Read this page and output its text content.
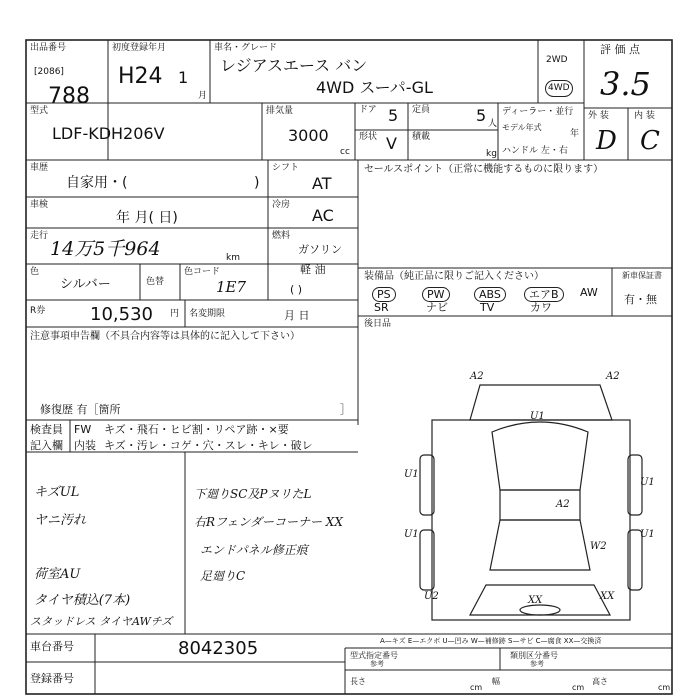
出品番号
[2086]
788
初度登録年月
H24 1
月
車名・グレード
レジアスエース バン
4WD スーパ-GL
2WD
4WD
評 価 点
3.5
外 装	内 装
D C
型式
LDF-KDH206V
排気量
3000
cc
ドア 5 定員	5 人
形状 V 積載
kg
ディーラー・並行
モデル年式
年
ハンドル 左・右
車歴
自家用・(	)
シフト
AT
車検
年 月( 日)
冷房
AC
走行
14万5千964	km
燃料
ガソリン
軽 油
( )
色
シルバー	色替
色コード
1E7
R券 10,530 円 名変期限	月 日
セールスポイント（正常に機能するものに限ります）
装備品（純正品に限りご記入ください）
PS	PW	ABS	エアB	AW
SR	ナビ	TV	カワ
新車保証書
有・無
後日品
注意事項申告欄（不具合内容等は具体的に記入して下さい）
修復歴 有［箇所	］
検査員
記入欄
FW キズ・飛石・ヒビ割・リペア跡・×要
内装 キズ・汚レ・コゲ・穴・スレ・キレ・破レ
キズUL
ヤニ汚れ
荷室AU
タイヤ積込(7本)
スタッドレス タイヤAWチズ
下廻りSC及PヌリたL
右Rフェンダーコーナー XX
エンドパネル修正痕
足廻りC
A2	A2
U1
U1
U1
A2
W2
U1
U2	XX	XX
U1
A—キズ E—エクボ U—凹み W—補修跡 S—サビ C—腐食 XX—交換済
車台番号	8042305
登録番号
型式指定番号
参考
類別区分番号
参考
長さ
cm
幅
cm
高さ
cm
